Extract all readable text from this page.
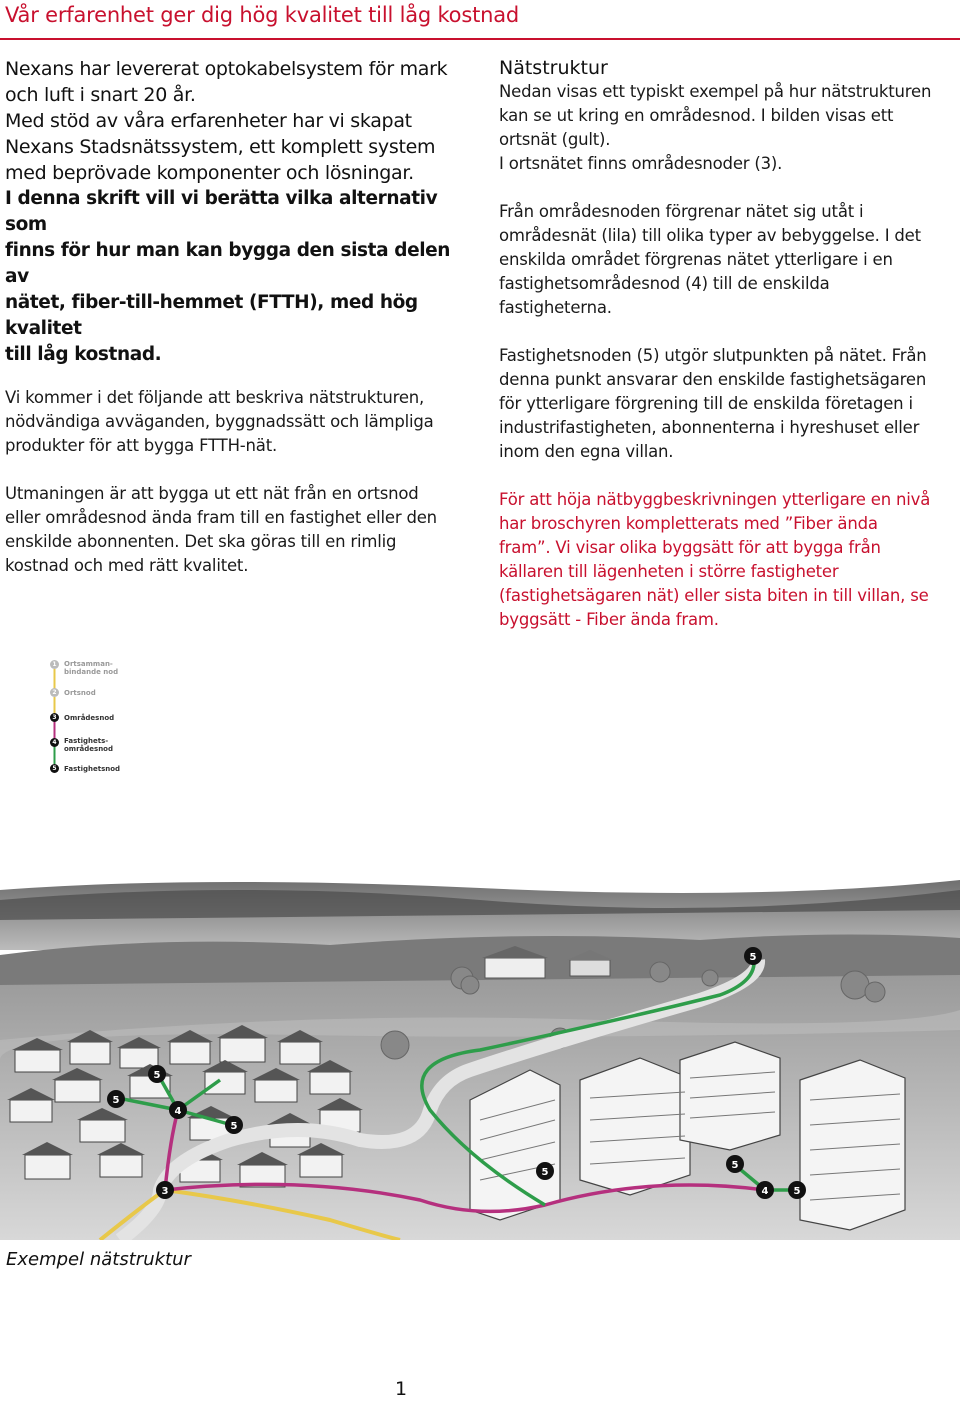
Vår erfarenhet ger dig hög kvalitet till låg kostnad

Nexans har levererat optokabelsystem för mark
och luft i snart 20 år.
Med stöd av våra erfarenheter har vi skapat
Nexans Stadsnätssystem, ett komplett system
med beprövade komponenter och lösningar.
I denna skrift vill vi berätta vilka alternativ som
finns för hur man kan bygga den sista delen av
nätet, fiber-till-hemmet (FTTH), med hög kvalitet
till låg kostnad.

Vi kommer i det följande att beskriva nätstrukturen,
nödvändiga avväganden, byggnadssätt och lämpliga
produkter för att bygga FTTH-nät.

Utmaningen är att bygga ut ett nät från en ortsnod
eller områdesnod ända fram till en fastighet eller den
enskilde abonnenten. Det ska göras till en rimlig
kostnad och med rätt kvalitet.

Nätstruktur

Nedan visas ett typiskt exempel på hur nätstrukturen
kan se ut kring en områdesnod. I bilden visas ett
ortsnät (gult).
I ortsnätet finns områdesnoder (3).

Från områdesnoden förgrenar nätet sig utåt i
områdesnät (lila) till olika typer av bebyggelse. I det
enskilda området förgrenas nätet ytterligare i en
fastighetsområdesnod (4) till de enskilda
fastigheterna.

Fastighetsnoden (5) utgör slutpunkten på nätet. Från
denna punkt ansvarar den enskilde fastighetsägaren
för ytterligare förgrening till de enskilda företagen i
industrifastigheten, abonnenterna i hyreshuset eller
inom den egna villan.

För att höja nätbyggbeskrivningen ytterligare en nivå
har broschyren kompletterats med ”Fiber ända
fram”. Vi visar olika byggsätt för att bygga från
källaren till lägenheten i större fastigheter
(fastighetsägaren nät) eller sista biten in till villan, se
byggsätt - Fiber ända fram.

1	Ortsamman-
bindande nod
2	Ortsnod
3	Områdesnod
4	Fastighets-
områdesnod
5	Fastighetsnod
5
5
5
4
5
3
5
5
4	5
Exempel nätstruktur
1
